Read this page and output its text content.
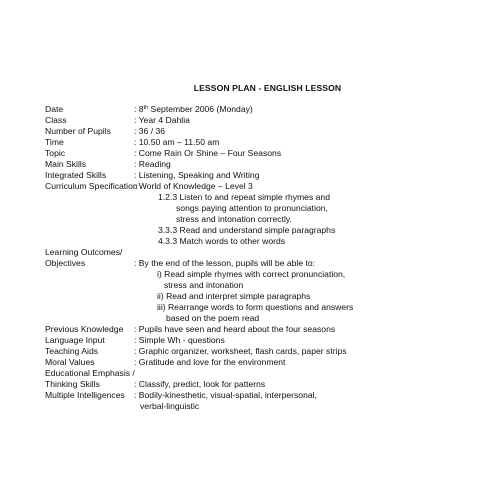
LESSON PLAN - ENGLISH LESSON
Date	: 8th September 2006 (Monday)
Class	: Year 4 Dahlia
Number of Pupils	: 36 / 36
Time	: 10.50 am – 11.50 am
Topic	: Come Rain Or Shine – Four Seasons
Main Skills	: Reading
Integrated Skills	: Listening, Speaking and Writing
Curriculum Specification
: World of Knowledge – Level 3
1.2.3 Listen to and repeat simple rhymes and
songs paying attention to pronunciation,
stress and intonation correctly.
3.3.3 Read and understand simple paragraphs
4.3.3 Match words to other words
Learning Outcomes/
Objectives	: By the end of the lesson, pupils will be able to:
i) Read simple rhymes with correct pronunciation,
stress and intonation
ii) Read and interpret simple paragraphs
iii) Rearrange words to form questions and answers
based on the poem read
Previous Knowledge : Pupils have seen and heard about the four seasons
Language Input	: Simple Wh - questions
Teaching Aids	: Graphic organizer, worksheet, flash cards, paper strips
Moral Values	: Gratitude and love for the environment
Educational Emphasis /
Thinking Skills	: Classify, predict, look for patterns
Multiple Intelligences : Bodily-kinesthetic, visual-spatial, interpersonal,
verbal-linguistic
